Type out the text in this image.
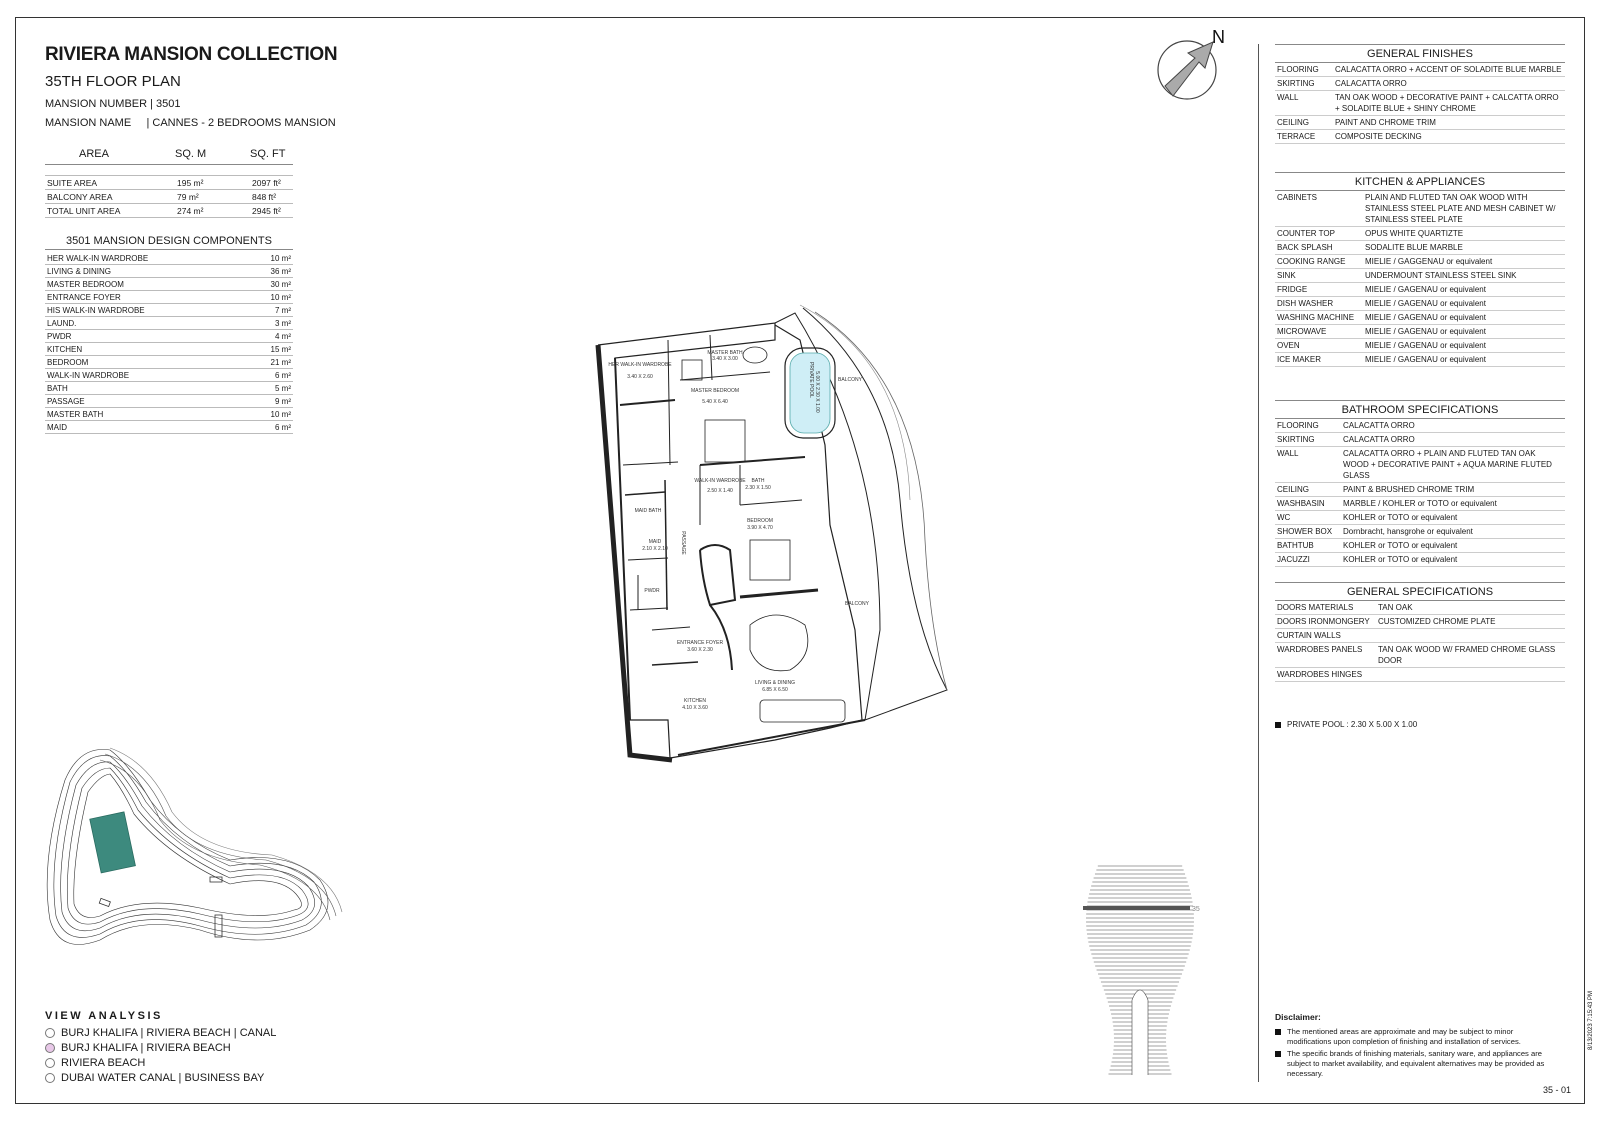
RIVIERA MANSION COLLECTION
35TH FLOOR PLAN
MANSION NUMBER | 3501
MANSION NAME     | CANNES - 2 BEDROOMS MANSION
AREA	SQ. M	SQ. FT

SUITE AREA	195 m²	2097 ft²
BALCONY AREA	79 m²	848 ft²
TOTAL UNIT AREA	274 m²	2945 ft²
3501 MANSION DESIGN COMPONENTS
HER WALK-IN WARDROBE	10 m²
LIVING & DINING	36 m²
MASTER BEDROOM	30 m²
ENTRANCE FOYER	10 m²
HIS WALK-IN WARDROBE	7 m²
LAUND.	3 m²
PWDR	4 m²
KITCHEN	15 m²
BEDROOM	21 m²
WALK-IN WARDROBE	6 m²
BATH	5 m²
PASSAGE	9 m²
MASTER BATH	10 m²
MAID	6 m²
HER WALK-IN WARDROBE
3.40 X 2.60
MASTER BATH
3.40 X 3.00
MASTER BEDROOM
5.40 X 6.40
PRIVATE POOL 5.00 X 2.30 X 1.00	BALCONY
BALCONY
WALK-IN WARDROBE
2.50 X 1.40
BATH
2.30 X 1.50
MAID BATH
MAID
2.10 X 2.10 PASSAGE
BEDROOM
3.90 X 4.70
PWDR
ENTRANCE FOYER
3.60 X 2.30
LIVING & DINING
6.85 X 6.50
KITCHEN
4.10 X 3.60
N
35
GENERAL FINISHES
FLOORING	CALACATTA ORRO + ACCENT OF SOLADITE BLUE MARBLE
SKIRTING	CALACATTA ORRO
WALL	TAN OAK WOOD + DECORATIVE PAINT + CALCATTA ORRO + SOLADITE BLUE + SHINY CHROME
CEILING	PAINT AND CHROME TRIM
TERRACE	COMPOSITE DECKING
KITCHEN & APPLIANCES
CABINETS	PLAIN AND FLUTED TAN OAK WOOD WITH STAINLESS STEEL PLATE AND MESH CABINET W/ STAINLESS STEEL PLATE
COUNTER TOP	OPUS WHITE QUARTIZTE
BACK SPLASH	SODALITE BLUE MARBLE
COOKING RANGE	MIELIE / GAGGENAU or equivalent
SINK	UNDERMOUNT STAINLESS STEEL SINK
FRIDGE	MIELIE / GAGENAU or equivalent
DISH WASHER	MIELIE / GAGENAU or equivalent
WASHING MACHINE	MIELIE / GAGENAU or equivalent
MICROWAVE	MIELIE / GAGENAU or equivalent
OVEN	MIELIE / GAGENAU or equivalent
ICE MAKER	MIELIE / GAGENAU or equivalent
BATHROOM SPECIFICATIONS
FLOORING	CALACATTA ORRO
SKIRTING	CALACATTA ORRO
WALL	CALACATTA ORRO + PLAIN AND FLUTED TAN OAK WOOD + DECORATIVE PAINT + AQUA MARINE FLUTED GLASS
CEILING	PAINT & BRUSHED CHROME TRIM
WASHBASIN	MARBLE / KOHLER or TOTO or equivalent
WC	KOHLER or TOTO or equivalent
SHOWER BOX	Dornbracht, hansgrohe or equivalent
BATHTUB	KOHLER or TOTO or equivalent
JACUZZI	KOHLER or TOTO or equivalent
GENERAL SPECIFICATIONS
DOORS MATERIALS	TAN OAK
DOORS IRONMONGERY	CUSTOMIZED CHROME PLATE
CURTAIN WALLS	
WARDROBES PANELS	TAN OAK WOOD W/ FRAMED CHROME GLASS DOOR
WARDROBES HINGES	
PRIVATE POOL : 2.30 X 5.00 X 1.00
VIEW ANALYSIS
BURJ KHALIFA | RIVIERA BEACH | CANAL
BURJ KHALIFA | RIVIERA BEACH
RIVIERA BEACH
DUBAI WATER CANAL | BUSINESS BAY
Disclaimer:
The mentioned areas are approximate and may be subject to minor modifications upon completion of finishing and installation of services.
The specific brands of finishing materials, sanitary ware, and appliances are subject to market availability, and equivalent alternatives may be provided as necessary.
35 - 01
8/13/2023 7:15:43 PM
